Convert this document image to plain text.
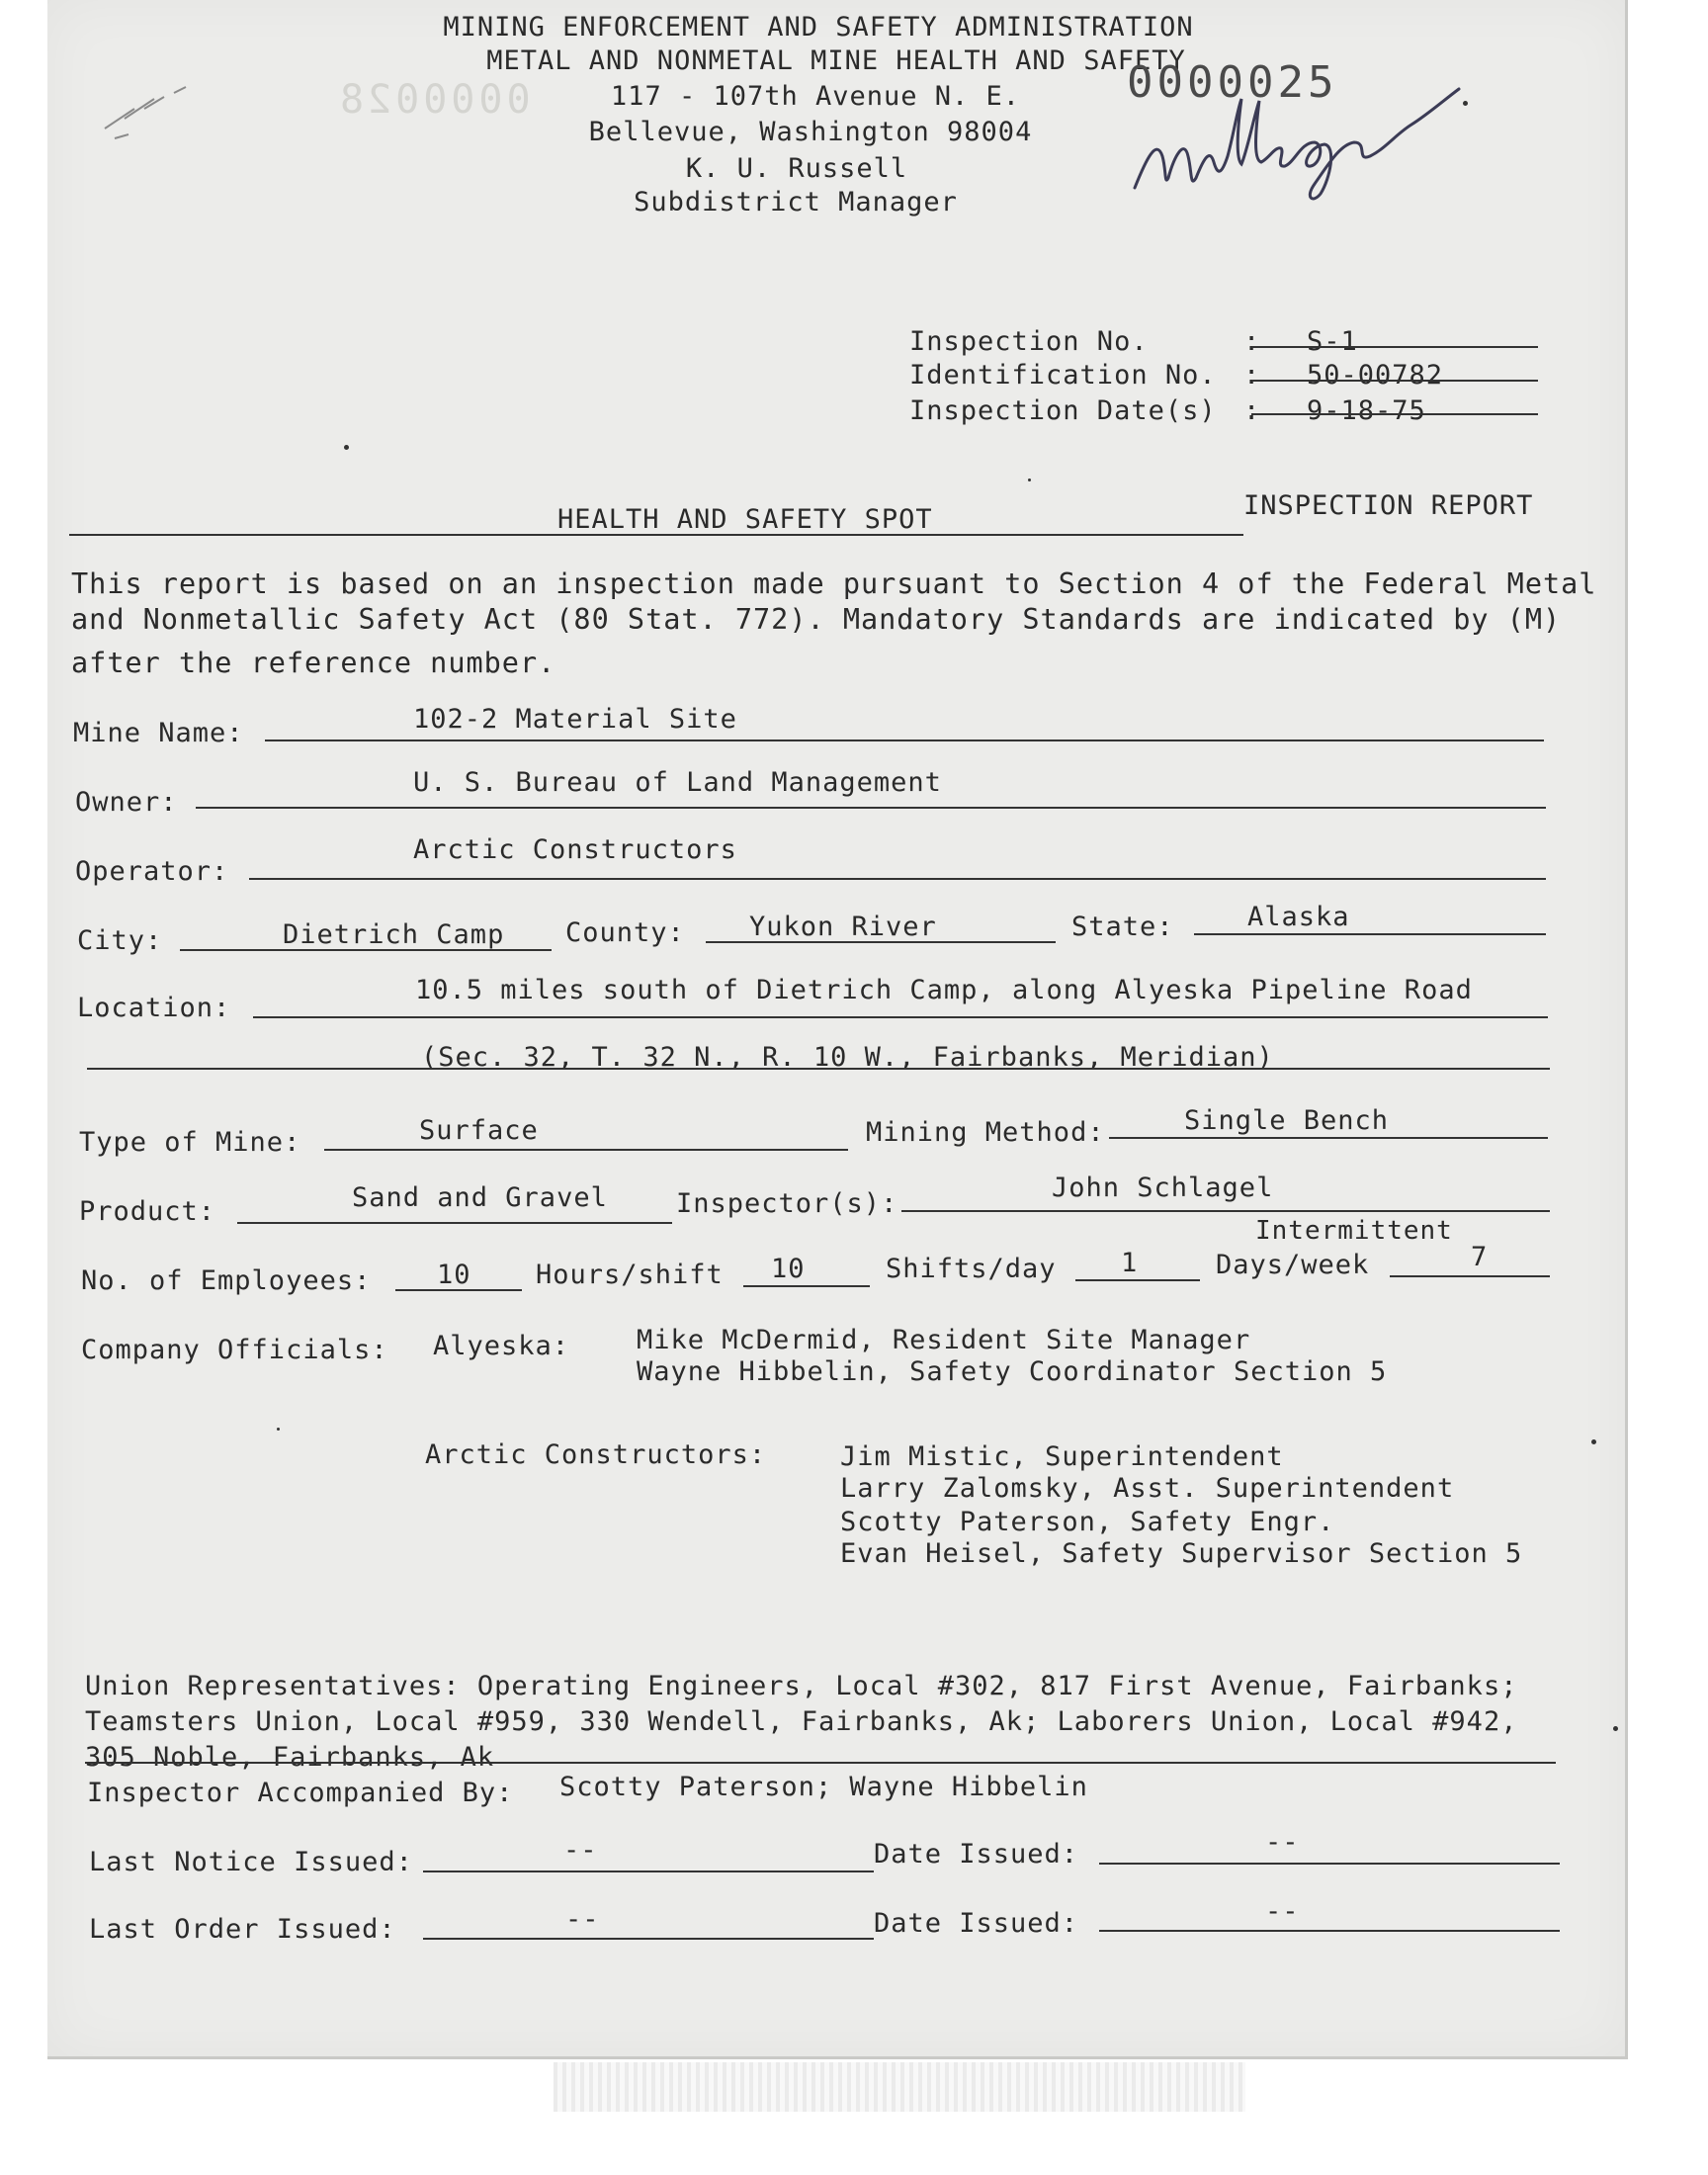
0000028
MINING ENFORCEMENT AND SAFETY ADMINISTRATION
METAL AND NONMETAL MINE HEALTH AND SAFETY
117 - 107th Avenue N. E.
Bellevue, Washington 98004
K. U. Russell
Subdistrict Manager
0000025
Inspection No.	: S-1
Identification No. : 50-00782
Inspection Date(s) : 9-18-75
HEALTH AND SAFETY SPOT	INSPECTION REPORT
This report is based on an inspection made pursuant to Section 4 of the Federal Metal
and Nonmetallic Safety Act (80 Stat. 772). Mandatory Standards are indicated by (M)
after the reference number.
Mine Name:	102-2 Material Site
Owner:
U. S. Bureau of Land Management
Operator:
Arctic Constructors
City:	Dietrich Camp County: Yukon River	State:	Alaska
Location:
10.5 miles south of Dietrich Camp, along Alyeska Pipeline Road
(Sec. 32, T. 32 N., R. 10 W., Fairbanks, Meridian)
Type of Mine:	Surface	Mining Method:	Single Bench
Product:	Sand and Gravel	Inspector(s):
John Schlagel
Intermittent
No. of Employees: 10 Hours/shift 10	Shifts/day 1	Days/week	7
Company Officials: Alyeska:	Mike McDermid, Resident Site Manager
Wayne Hibbelin, Safety Coordinator Section 5
Arctic Constructors:	Jim Mistic, Superintendent
Larry Zalomsky, Asst. Superintendent
Scotty Paterson, Safety Engr.
Evan Heisel, Safety Supervisor Section 5
Union Representatives: Operating Engineers, Local #302, 817 First Avenue, Fairbanks;
Teamsters Union, Local #959, 330 Wendell, Fairbanks, Ak; Laborers Union, Local #942,
305 Noble, Fairbanks, Ak
Inspector Accompanied By: Scotty Paterson; Wayne Hibbelin
Last Notice Issued:	--	Date Issued:	--
Last Order Issued:	--	Date Issued:	--
